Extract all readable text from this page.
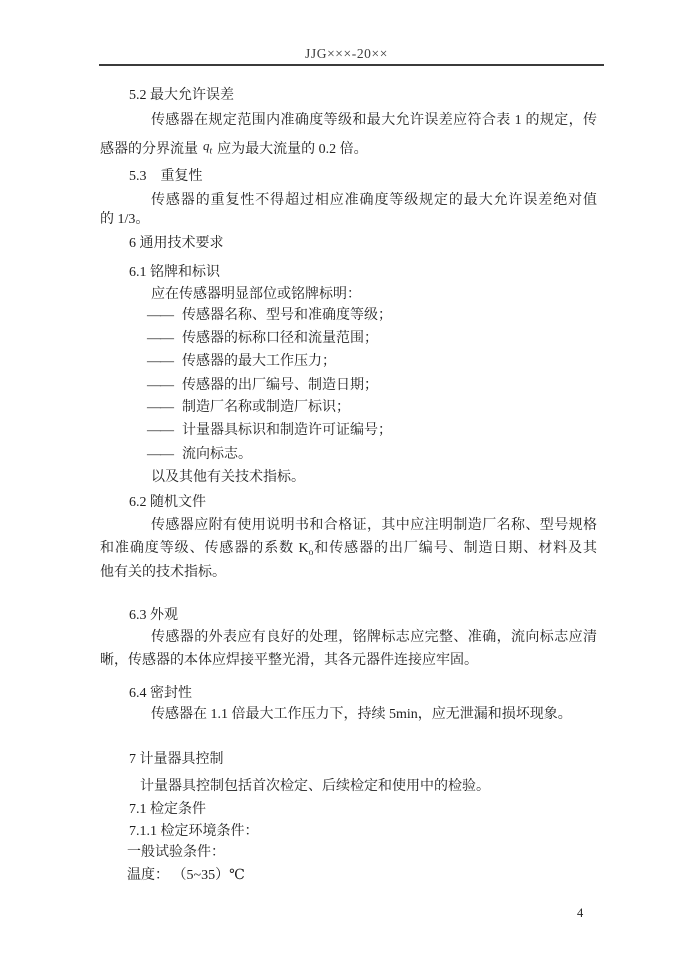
JJG×××-20××
5.2 最大允许误差
传感器在规定范围内准确度等级和最大允许误差应符合表 1 的规定，传
感器的分界流量 $q_t$ 应为最大流量的 0.2 倍。
5.3　重复性
传感器的重复性不得超过相应准确度等级规定的最大允许误差绝对值
的 1/3。
6 通用技术要求
6.1 铭牌和标识
应在传感器明显部位或铭牌标明：
—— 传感器名称、型号和准确度等级；
—— 传感器的标称口径和流量范围；
—— 传感器的最大工作压力；
—— 传感器的出厂编号、制造日期；
—— 制造厂名称或制造厂标识；
—— 计量器具标识和制造许可证编号；
—— 流向标志。
以及其他有关技术指标。
6.2 随机文件
传感器应附有使用说明书和合格证，其中应注明制造厂名称、型号规格
和准确度等级、传感器的系数 $K_o$和传感器的出厂编号、制造日期、材料及其
他有关的技术指标。
6.3 外观
传感器的外表应有良好的处理，铭牌标志应完整、准确，流向标志应清
晰，传感器的本体应焊接平整光滑，其各元器件连接应牢固。
6.4 密封性
传感器在 1.1 倍最大工作压力下，持续 5min，应无泄漏和损坏现象。
7 计量器具控制
计量器具控制包括首次检定、后续检定和使用中的检验。
7.1 检定条件
7.1.1 检定环境条件：
一般试验条件：
温度： （5~35）℃
4
